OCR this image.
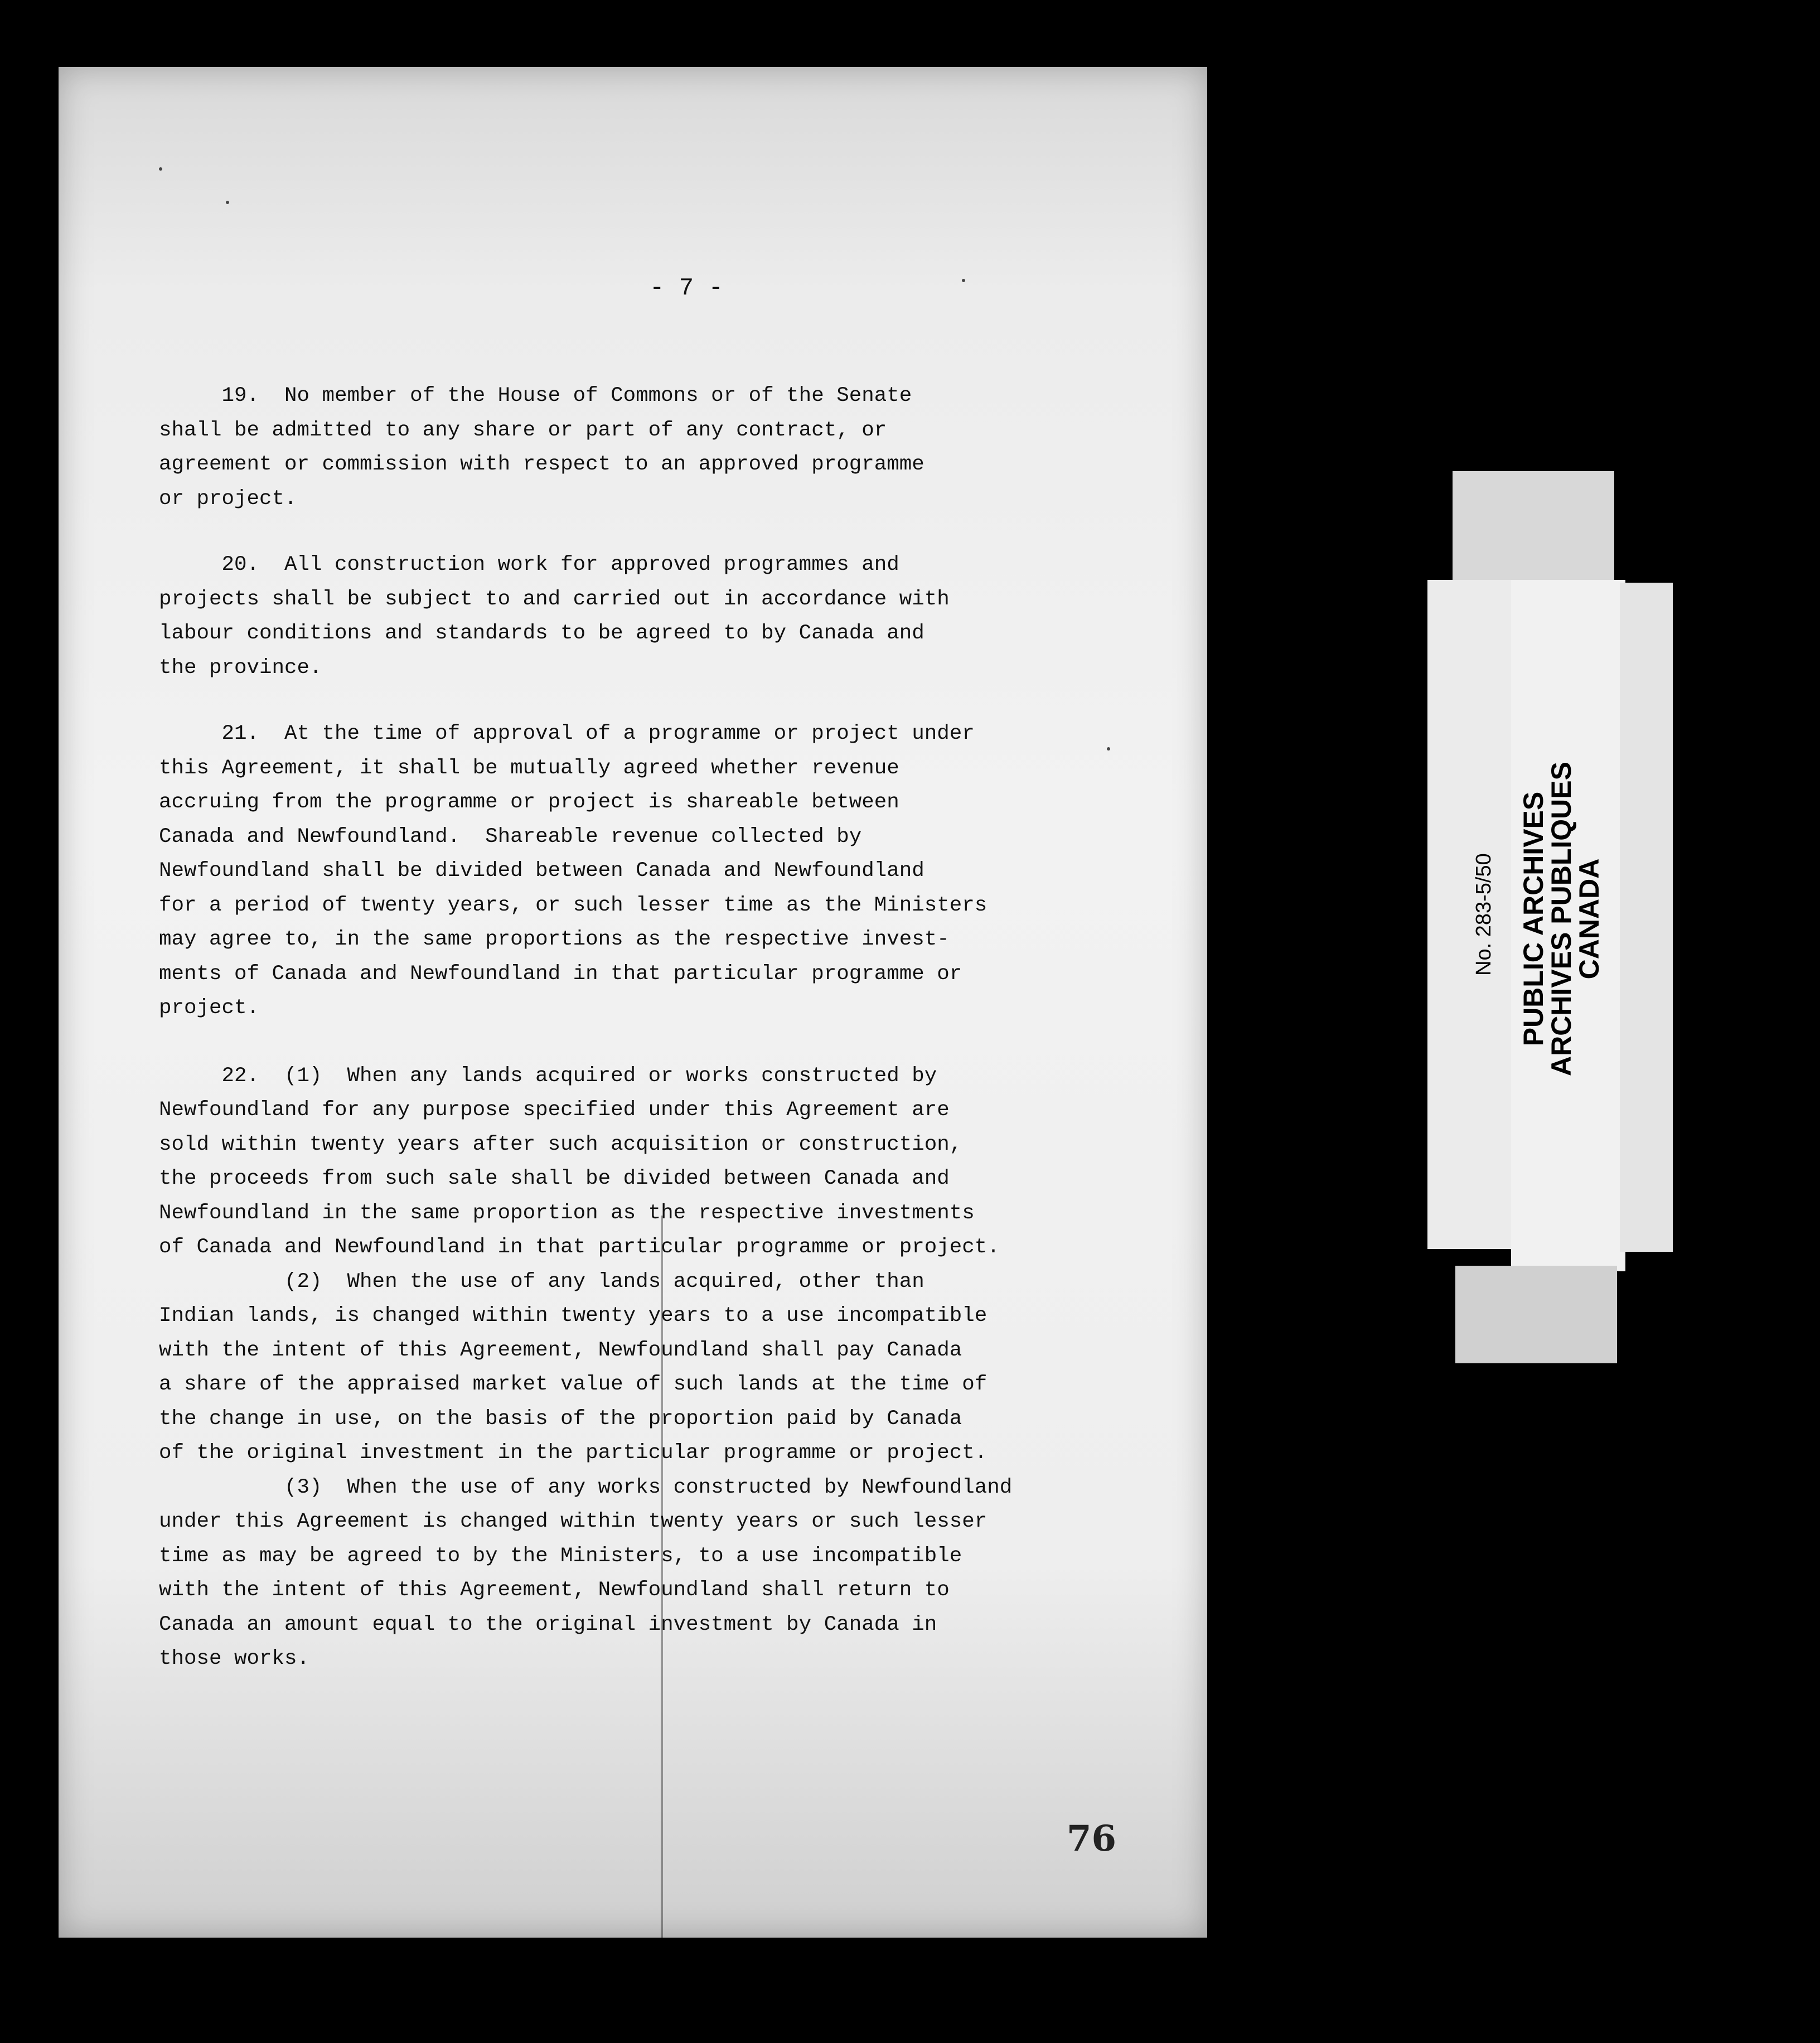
- 7 -

19.  No member of the House of Commons or of the Senate

shall be admitted to any share or part of any contract, or

agreement or commission with respect to an approved programme

or project.

20.  All construction work for approved programmes and

projects shall be subject to and carried out in accordance with

labour conditions and standards to be agreed to by Canada and

the province.

21.  At the time of approval of a programme or project under

this Agreement, it shall be mutually agreed whether revenue

accruing from the programme or project is shareable between

Canada and Newfoundland.  Shareable revenue collected by

Newfoundland shall be divided between Canada and Newfoundland

for a period of twenty years, or such lesser time as the Ministers

may agree to, in the same proportions as the respective invest-

ments of Canada and Newfoundland in that particular programme or

project.

22.  (1)  When any lands acquired or works constructed by

Newfoundland for any purpose specified under this Agreement are

sold within twenty years after such acquisition or construction,

the proceeds from such sale shall be divided between Canada and

Newfoundland in the same proportion as the respective investments

of Canada and Newfoundland in that particular programme or project.

(2)  When the use of any lands acquired, other than

Indian lands, is changed within twenty years to a use incompatible

with the intent of this Agreement, Newfoundland shall pay Canada

a share of the appraised market value of such lands at the time of

the change in use, on the basis of the proportion paid by Canada

of the original investment in the particular programme or project.

(3)  When the use of any works constructed by Newfoundland

under this Agreement is changed within twenty years or such lesser

time as may be agreed to by the Ministers, to a use incompatible

with the intent of this Agreement, Newfoundland shall return to

Canada an amount equal to the original investment by Canada in

those works.

76
No. 283-5/50 PUBLIC ARCHIVES
ARCHIVES PUBLIQUES
CANADA
